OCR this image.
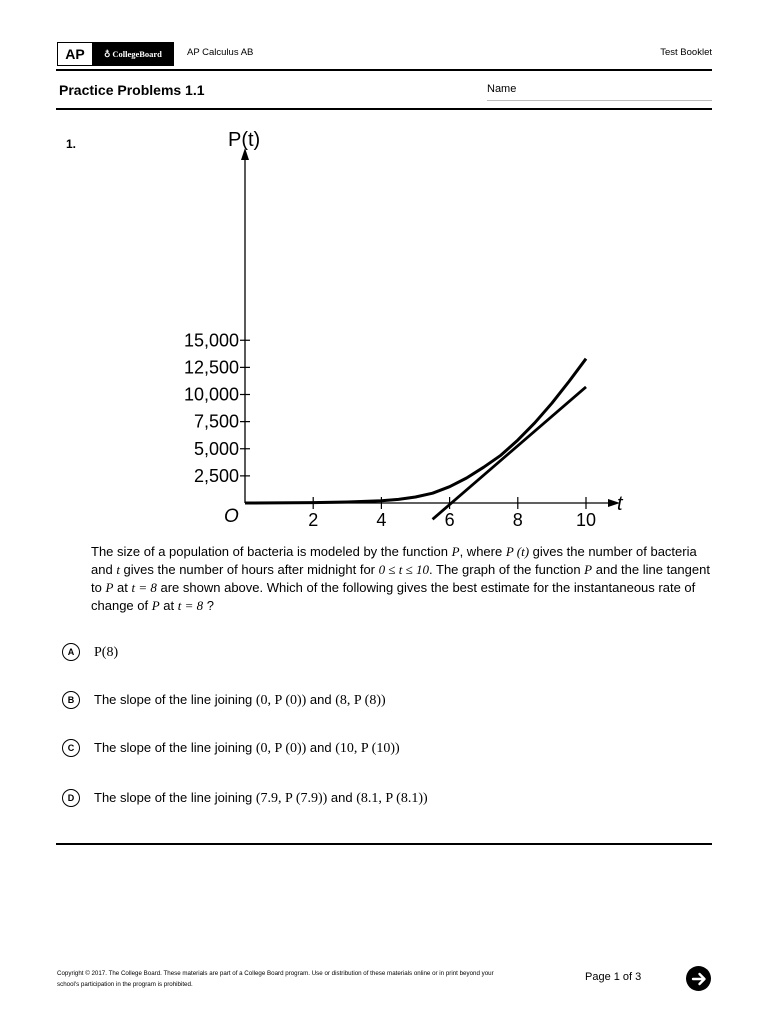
AP	♁ CollegeBoard	AP Calculus AB	Test Booklet
Practice Problems 1.1	Name
1.	P(t)
t
O
2,500
5,000
7,500
10,000
12,500
15,000
2	4	6	8	10
The size of a population of bacteria is modeled by the function P, where P (t) gives the number of bacteria and t gives the number of hours after midnight for 0 ≤ t ≤ 10. The graph of the function P and the line tangent to P at t = 8 are shown above. Which of the following gives the best estimate for the instantaneous rate of change of P at t = 8 ?
A	P(8)
B	The slope of the line joining (0, P (0)) and (8, P (8))
C	The slope of the line joining (0, P (0)) and (10, P (10))
D	The slope of the line joining (7.9, P (7.9)) and (8.1, P (8.1))
Copyright © 2017. The College Board. These materials are part of a College Board program. Use or distribution of these materials online or in print beyond your school's participation in the program is prohibited.
Page 1 of 3
